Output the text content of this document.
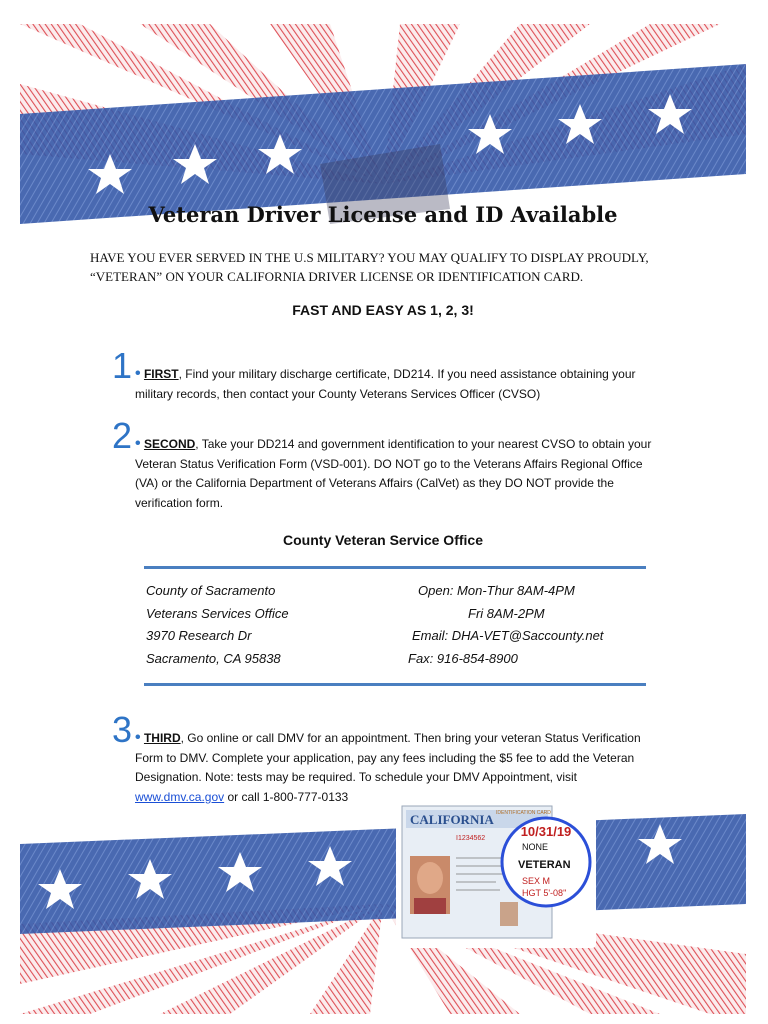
Veteran Driver License and ID Available
HAVE YOU EVER SERVED IN THE U.S MILITARY? YOU MAY QUALIFY TO DISPLAY PROUDLY, “VETERAN” ON YOUR CALIFORNIA DRIVER LICENSE OR IDENTIFICATION CARD.
FAST AND EASY AS 1, 2, 3!
1 • FIRST, Find your military discharge certificate, DD214. If you need assistance obtaining your military records, then contact your County Veterans Services Officer (CVSO)
2 • SECOND, Take your DD214 and government identification to your nearest CVSO to obtain your Veteran Status Verification Form (VSD-001). DO NOT go to the Veterans Affairs Regional Office (VA) or the California Department of Veterans Affairs (CalVet) as they DO NOT provide the verification form.
County Veteran Service Office
County of Sacramento
Veterans Services Office
3970 Research Dr
Sacramento, CA 95838
Open: Mon-Thur 8AM-4PM
Fri 8AM-2PM
Email: DHA-VET@Saccounty.net
Fax: 916-854-8900
3 • THIRD, Go online or call DMV for an appointment. Then bring your veteran Status Verification Form to DMV. Complete your application, pay any fees including the $5 fee to add the Veteran Designation. Note: tests may be required. To schedule your DMV Appointment, visit www.dmv.ca.gov or call 1-800-777-0133
CALIFORNIA IDENTIFICATION CARD
I1234562	10/31/19
NONE
VETERAN
SEX M
HGT 5'-08"
